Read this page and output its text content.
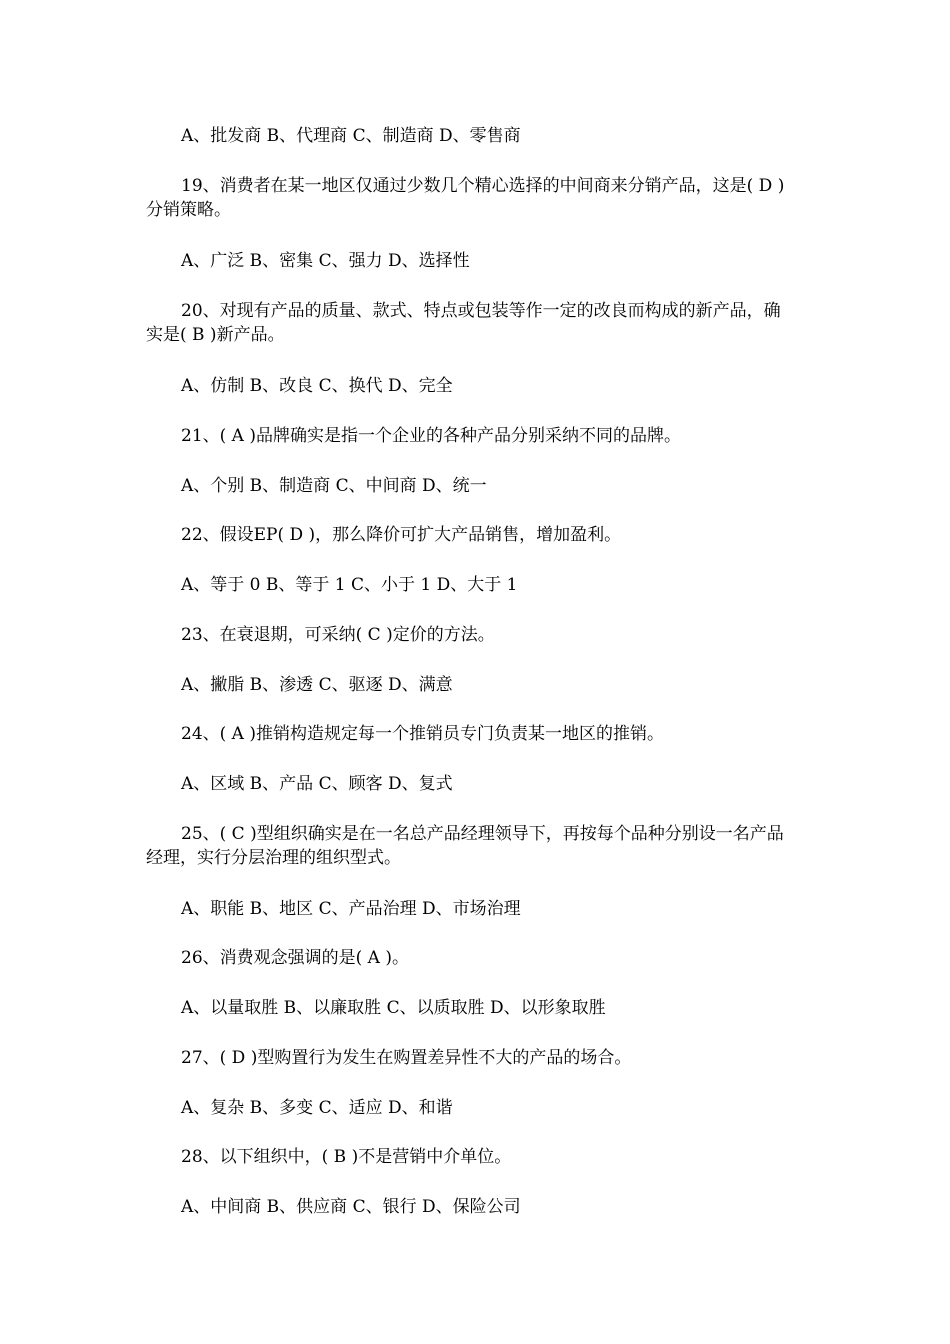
A、批发商 B、代理商 C、制造商 D、零售商

19、消费者在某一地区仅通过少数几个精心选择的中间商来分销产品，这是( D )分销策略。

A、广泛 B、密集 C、强力 D、选择性

20、对现有产品的质量、款式、特点或包装等作一定的改良而构成的新产品，确实是( B )新产品。

A、仿制 B、改良 C、换代 D、完全

21、( A )品牌确实是指一个企业的各种产品分别采纳不同的品牌。

A、个别 B、制造商 C、中间商 D、统一

22、假设EP( D )，那么降价可扩大产品销售，增加盈利。

A、等于 0 B、等于 1 C、小于 1 D、大于 1

23、在衰退期，可采纳( C )定价的方法。

A、撇脂 B、渗透 C、驱逐 D、满意

24、( A )推销构造规定每一个推销员专门负责某一地区的推销。

A、区域 B、产品 C、顾客 D、复式

25、( C )型组织确实是在一名总产品经理领导下，再按每个品种分别设一名产品经理，实行分层治理的组织型式。

A、职能 B、地区 C、产品治理 D、市场治理

26、消费观念强调的是( A )。

A、以量取胜 B、以廉取胜 C、以质取胜 D、以形象取胜

27、( D )型购置行为发生在购置差异性不大的产品的场合。

A、复杂 B、多变 C、适应 D、和谐

28、以下组织中，( B )不是营销中介单位。

A、中间商 B、供应商 C、银行 D、保险公司
